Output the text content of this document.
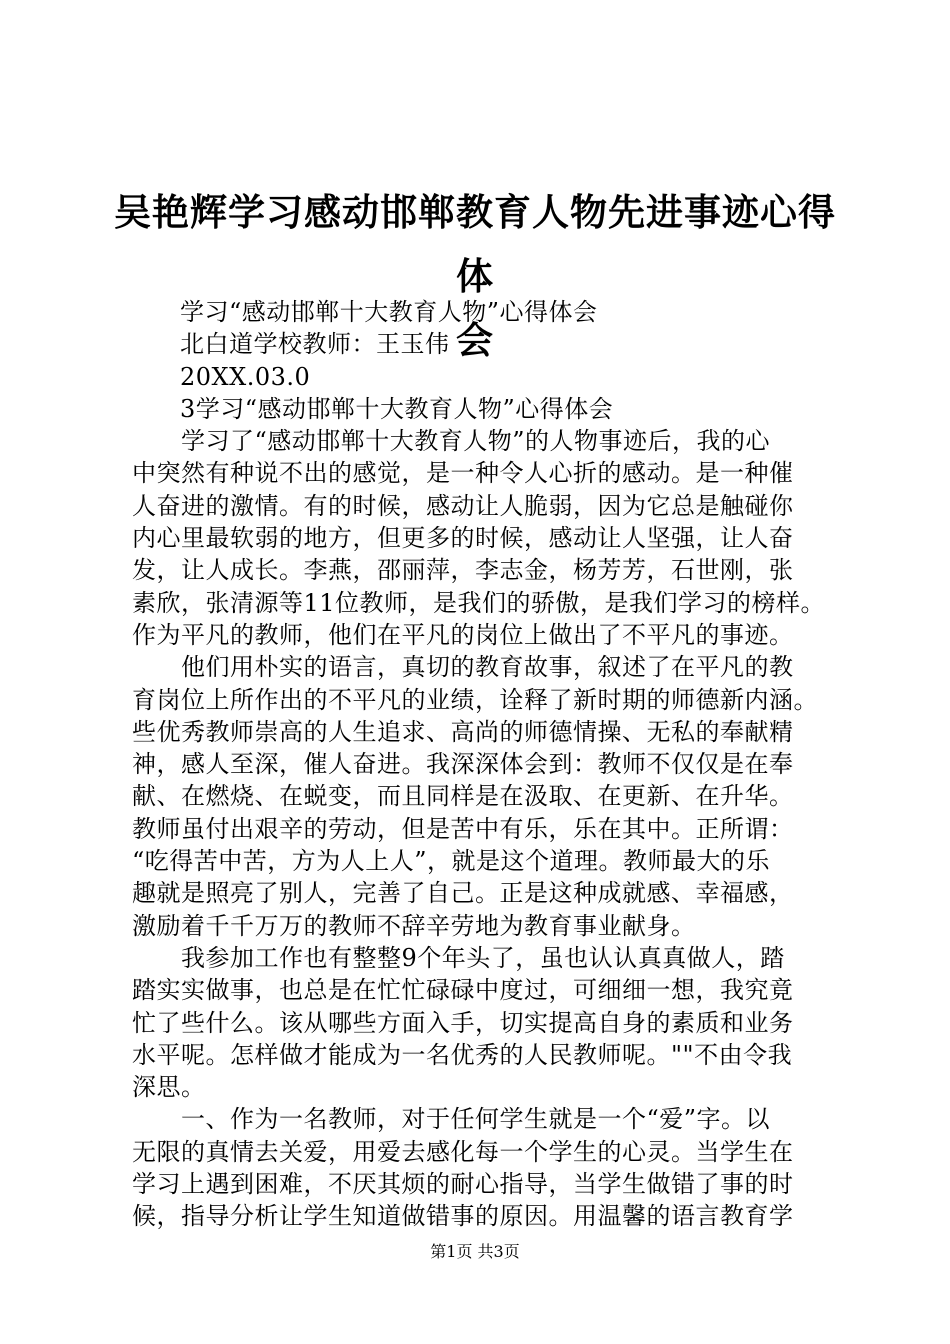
吴艳辉学习感动邯郸教育人物先进事迹心得体
会
学习“感动邯郸十大教育人物”心得体会
北白道学校教师：王玉伟
20XX.03.0
3学习“感动邯郸十大教育人物”心得体会
　　学习了“感动邯郸十大教育人物”的人物事迹后，我的心
中突然有种说不出的感觉，是一种令人心折的感动。是一种催
人奋进的激情。有的时候，感动让人脆弱，因为它总是触碰你
内心里最软弱的地方，但更多的时候，感动让人坚强，让人奋
发，让人成长。李燕，邵丽萍，李志金，杨芳芳，石世刚，张
素欣，张清源等11位教师，是我们的骄傲，是我们学习的榜样。
作为平凡的教师，他们在平凡的岗位上做出了不平凡的事迹。
　　他们用朴实的语言，真切的教育故事，叙述了在平凡的教
育岗位上所作出的不平凡的业绩，诠释了新时期的师德新内涵。
些优秀教师崇高的人生追求、高尚的师德情操、无私的奉献精
神，感人至深，催人奋进。我深深体会到：教师不仅仅是在奉
献、在燃烧、在蜕变，而且同样是在汲取、在更新、在升华。
教师虽付出艰辛的劳动，但是苦中有乐，乐在其中。正所谓：
“吃得苦中苦，方为人上人”，就是这个道理。教师最大的乐
趣就是照亮了别人，完善了自己。正是这种成就感、幸福感，
激励着千千万万的教师不辞辛劳地为教育事业献身。
　　我参加工作也有整整9个年头了，虽也认认真真做人，踏
踏实实做事，也总是在忙忙碌碌中度过，可细细一想，我究竟
忙了些什么。该从哪些方面入手，切实提高自身的素质和业务
水平呢。怎样做才能成为一名优秀的人民教师呢。""不由令我
深思。
　　一、作为一名教师，对于任何学生就是一个“爱”字。以
无限的真情去关爱，用爱去感化每一个学生的心灵。当学生在
学习上遇到困难，不厌其烦的耐心指导，当学生做错了事的时
候，指导分析让学生知道做错事的原因。用温馨的语言教育学
第1页 共3页
